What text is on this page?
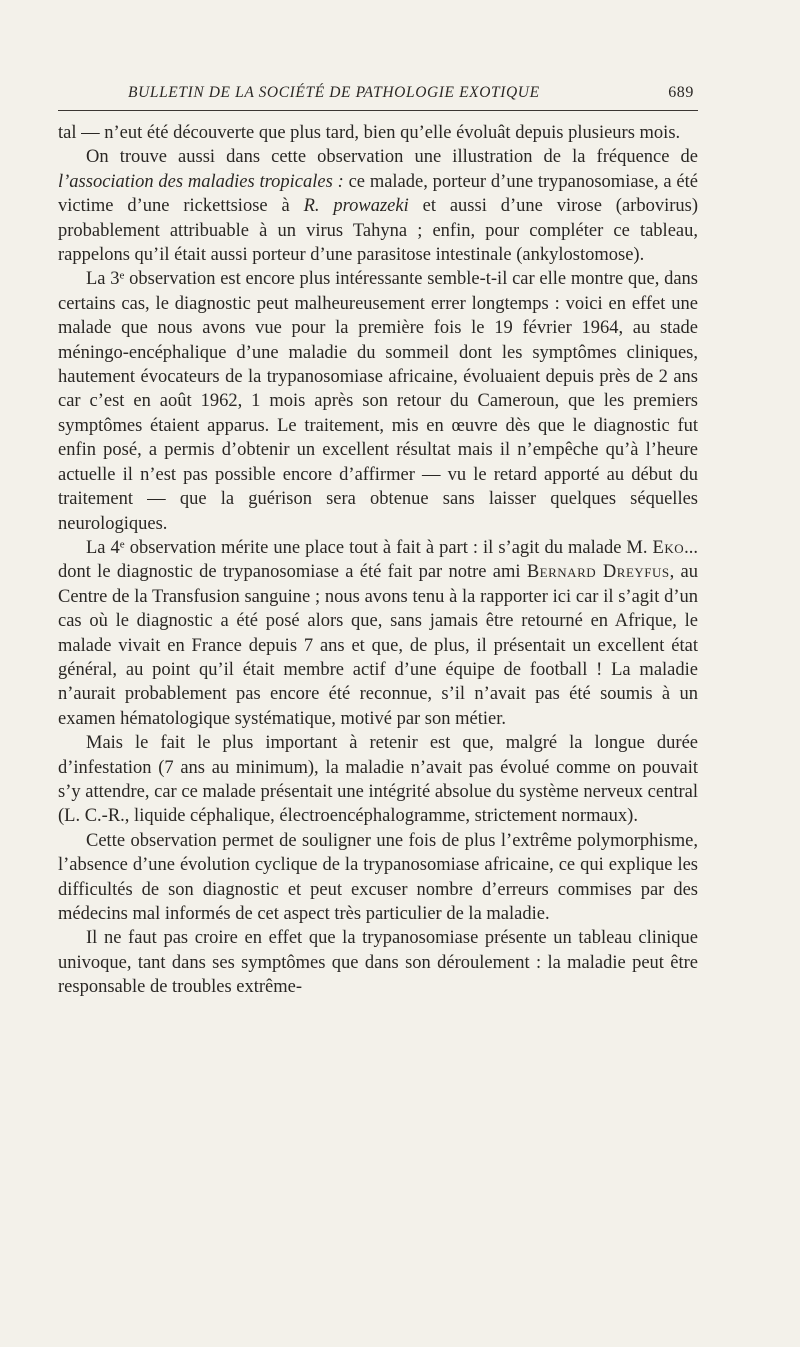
BULLETIN DE LA SOCIÉTÉ DE PATHOLOGIE EXOTIQUE	689

tal — n’eut été découverte que plus tard, bien qu’elle évoluât depuis plusieurs mois.

On trouve aussi dans cette observation une illustration de la fréquence de l’association des maladies tropicales : ce malade, porteur d’une trypanosomiase, a été victime d’une rickettsiose à R. prowazeki et aussi d’une virose (arbovirus) probablement attribuable à un virus Tahyna ; enfin, pour compléter ce tableau, rappelons qu’il était aussi porteur d’une parasitose intestinale (ankylostomose).

La 3e observation est encore plus intéressante semble-t-il car elle montre que, dans certains cas, le diagnostic peut malheureusement errer longtemps : voici en effet une malade que nous avons vue pour la première fois le 19 février 1964, au stade méningo-encéphalique d’une maladie du sommeil dont les symptômes cliniques, hautement évocateurs de la trypanosomiase africaine, évoluaient depuis près de 2 ans car c’est en août 1962, 1 mois après son retour du Cameroun, que les premiers symptômes étaient apparus. Le traitement, mis en œuvre dès que le diagnostic fut enfin posé, a permis d’obtenir un excellent résultat mais il n’empêche qu’à l’heure actuelle il n’est pas possible encore d’affirmer — vu le retard apporté au début du traitement — que la guérison sera obtenue sans laisser quelques séquelles neurologiques.

La 4e observation mérite une place tout à fait à part : il s’agit du malade M. Eko... dont le diagnostic de trypanosomiase a été fait par notre ami Bernard Dreyfus, au Centre de la Transfusion sanguine ; nous avons tenu à la rapporter ici car il s’agit d’un cas où le diagnostic a été posé alors que, sans jamais être retourné en Afrique, le malade vivait en France depuis 7 ans et que, de plus, il présentait un excellent état général, au point qu’il était membre actif d’une équipe de football ! La maladie n’aurait probablement pas encore été reconnue, s’il n’avait pas été soumis à un examen hématologique systématique, motivé par son métier.

Mais le fait le plus important à retenir est que, malgré la longue durée d’infestation (7 ans au minimum), la maladie n’avait pas évolué comme on pouvait s’y attendre, car ce malade présentait une intégrité absolue du système nerveux central (L. C.-R., liquide céphalique, électroencéphalogramme, strictement normaux).

Cette observation permet de souligner une fois de plus l’extrême polymorphisme, l’absence d’une évolution cyclique de la trypanosomiase africaine, ce qui explique les difficultés de son diagnostic et peut excuser nombre d’erreurs commises par des médecins mal informés de cet aspect très particulier de la maladie.

Il ne faut pas croire en effet que la trypanosomiase présente un tableau clinique univoque, tant dans ses symptômes que dans son déroulement : la maladie peut être responsable de troubles extrême-
